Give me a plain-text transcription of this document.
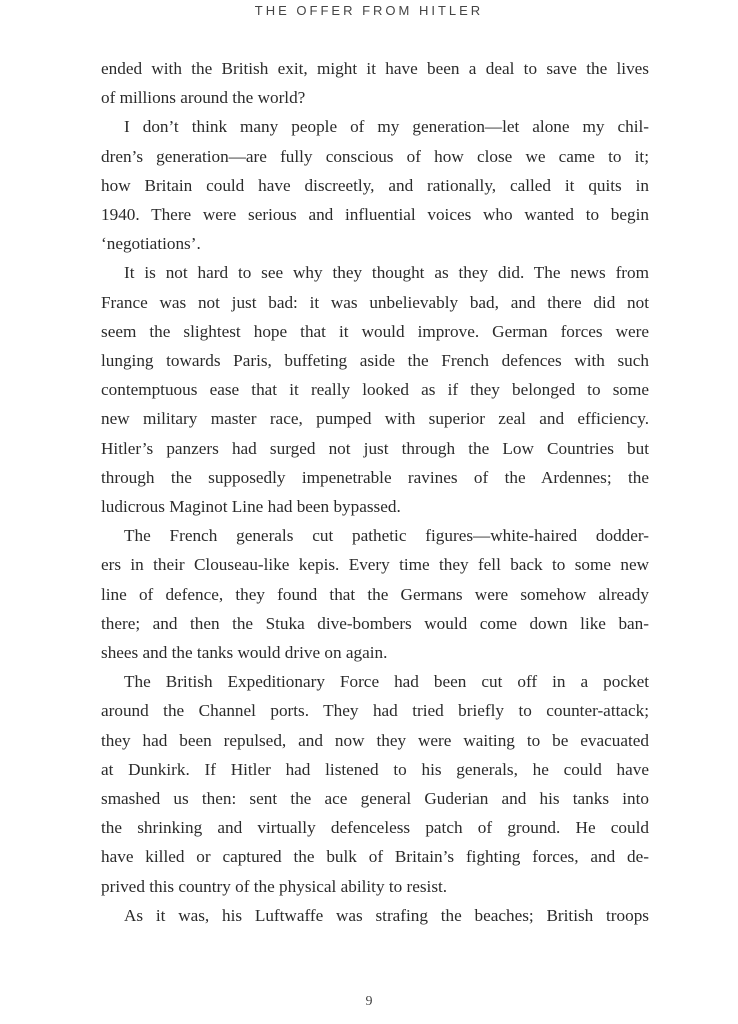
THE OFFER FROM HITLER
ended with the British exit, might it have been a deal to save the lives
of millions around the world?
I don’t think many people of my generation—let alone my chil-
dren’s generation—are fully conscious of how close we came to it;
how Britain could have discreetly, and rationally, called it quits in
1940. There were serious and influential voices who wanted to begin
‘negotiations’.
It is not hard to see why they thought as they did. The news from
France was not just bad: it was unbelievably bad, and there did not
seem the slightest hope that it would improve. German forces were
lunging towards Paris, buffeting aside the French defences with such
contemptuous ease that it really looked as if they belonged to some
new military master race, pumped with superior zeal and efficiency.
Hitler’s panzers had surged not just through the Low Countries but
through the supposedly impenetrable ravines of the Ardennes; the
ludicrous Maginot Line had been bypassed.
The French generals cut pathetic figures—white-haired dodder-
ers in their Clouseau-like kepis. Every time they fell back to some new
line of defence, they found that the Germans were somehow already
there; and then the Stuka dive-bombers would come down like ban-
shees and the tanks would drive on again.
The British Expeditionary Force had been cut off in a pocket
around the Channel ports. They had tried briefly to counter-attack;
they had been repulsed, and now they were waiting to be evacuated
at Dunkirk. If Hitler had listened to his generals, he could have
smashed us then: sent the ace general Guderian and his tanks into
the shrinking and virtually defenceless patch of ground. He could
have killed or captured the bulk of Britain’s fighting forces, and de-
prived this country of the physical ability to resist.
As it was, his Luftwaffe was strafing the beaches; British troops
9
